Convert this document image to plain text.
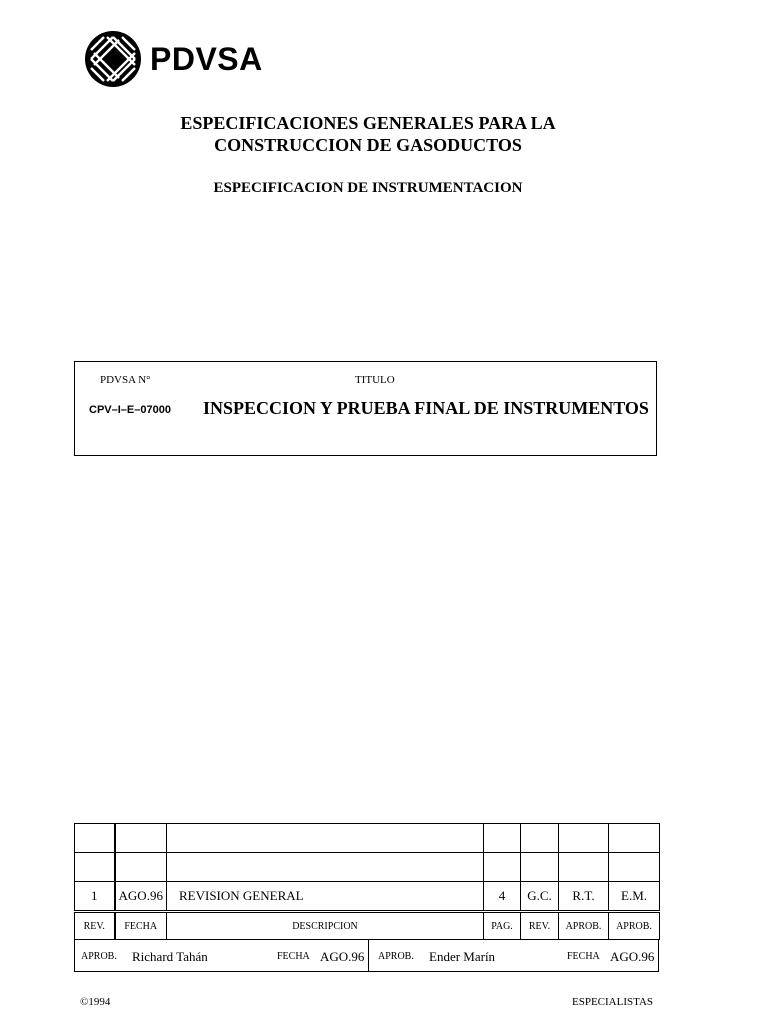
PDVSA
ESPECIFICACIONES GENERALES PARA LA
CONSTRUCCION DE GASODUCTOS
ESPECIFICACION DE INSTRUMENTACION
PDVSA N°	TITULO
CPV–I–E–07000 INSPECCION Y PRUEBA FINAL DE INSTRUMENTOS

1	AGO.96	REVISION GENERAL	4	G.C.	R.T.	E.M.
REV.	FECHA	DESCRIPCION	PAG.	REV.	APROB.	APROB.
APROB. Richard Tahán	FECHA AGO.96 APROB. Ender Marín	FECHA AGO.96
©1994	ESPECIALISTAS
